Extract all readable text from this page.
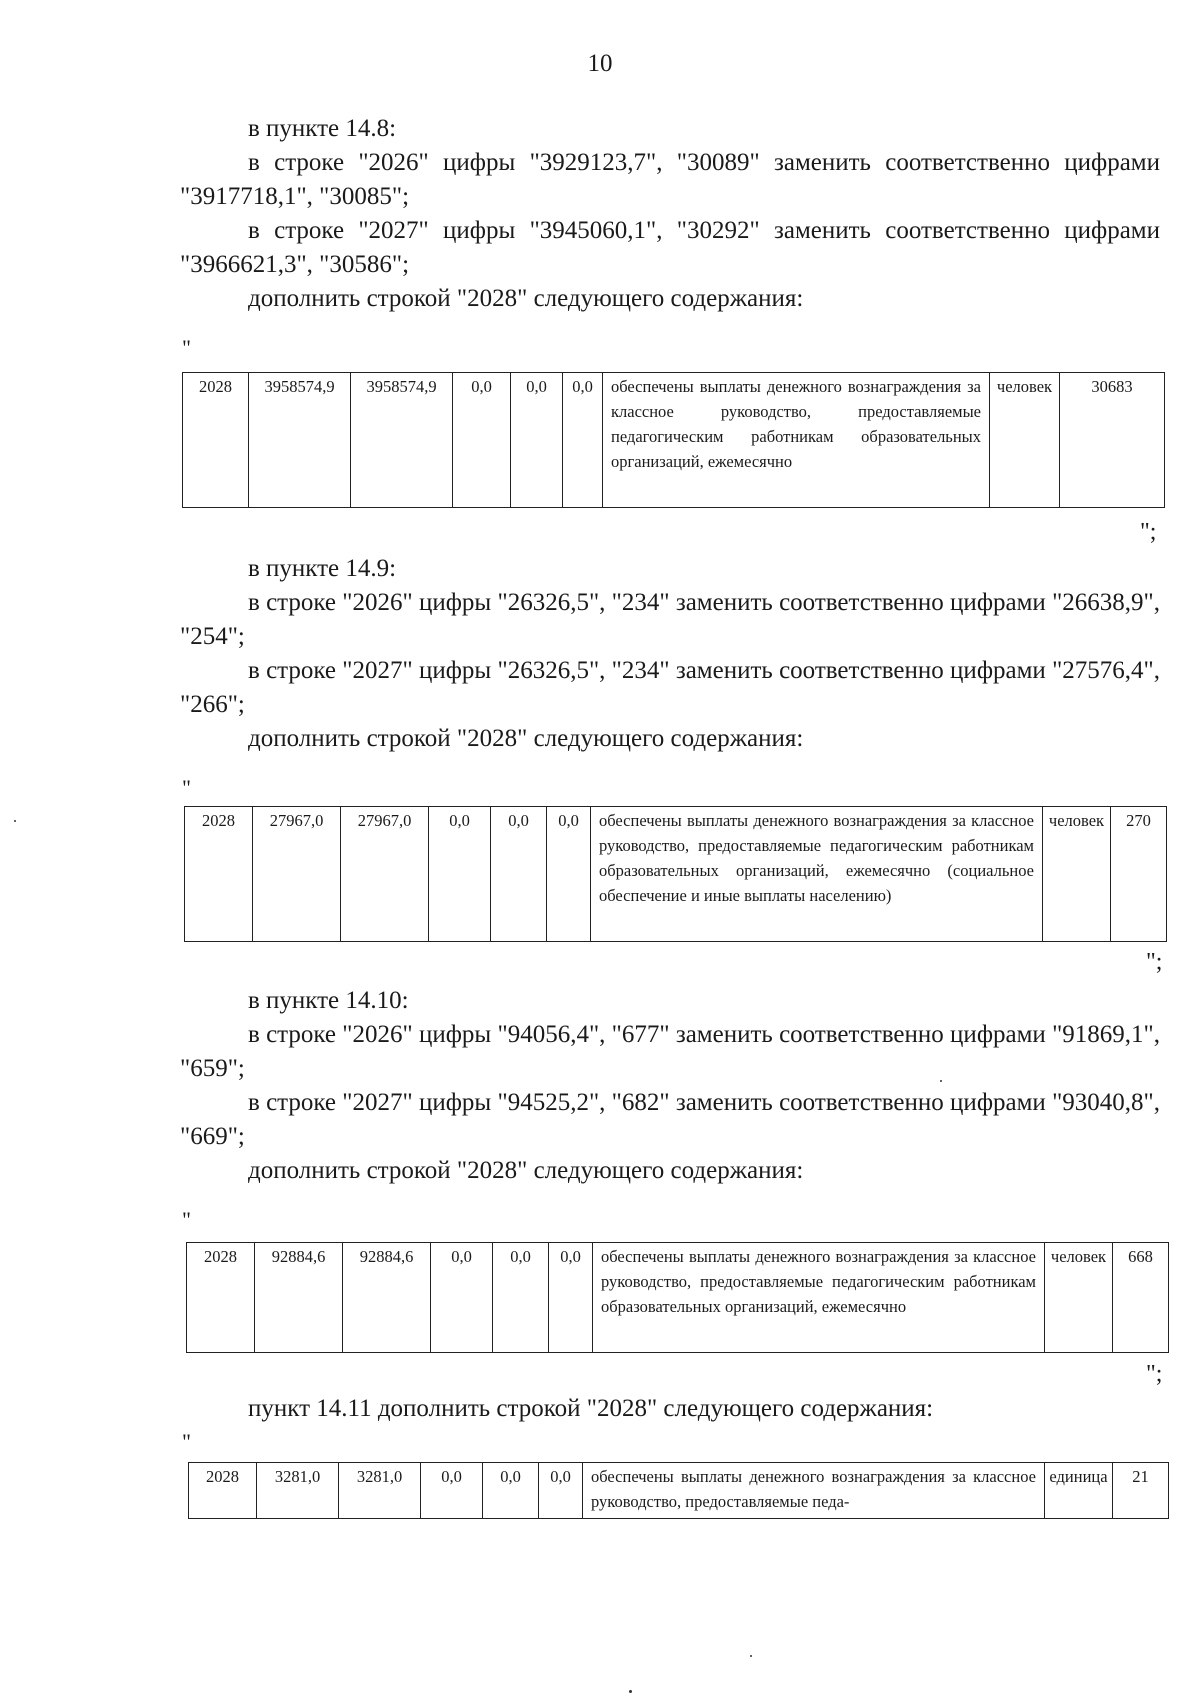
10

в пункте 14.8:

в строке "2026" цифры "3929123,7", "30089" заменить соответственно цифрами "3917718,1", "30085";

в строке "2027" цифры "3945060,1", "30292" заменить соответственно цифрами "3966621,3", "30586";

дополнить строкой "2028" следующего содержания:

"
2028	3958574,9	3958574,9	0,0	0,0	0,0	обеспечены выплаты денежного вознаграждения за классное руководство, предоставляемые педагогическим работникам образовательных организаций, ежемесячно	человек	30683
";

в пункте 14.9:

в строке "2026" цифры "26326,5", "234" заменить соответственно цифрами "26638,9", "254";

в строке "2027" цифры "26326,5", "234" заменить соответственно цифрами "27576,4", "266";

дополнить строкой "2028" следующего содержания:

"
2028	27967,0	27967,0	0,0	0,0	0,0	обеспечены выплаты денежного вознаграждения за классное руководство, предоставляемые педагогическим работникам образовательных организаций, ежемесячно (социальное обеспечение и иные выплаты населению)	человек	270
";

в пункте 14.10:

в строке "2026" цифры "94056,4", "677" заменить соответственно цифрами "91869,1", "659";

в строке "2027" цифры "94525,2", "682" заменить соответственно цифрами "93040,8", "669";

дополнить строкой "2028" следующего содержания:

"
2028	92884,6	92884,6	0,0	0,0	0,0	обеспечены выплаты денежного вознаграждения за классное руководство, предоставляемые педагогическим работникам образовательных организаций, ежемесячно	человек	668
";

пункт 14.11 дополнить строкой "2028" следующего содержания:

"
2028	3281,0	3281,0	0,0	0,0	0,0	обеспечены выплаты денежного вознаграждения за классное руководство, предоставляемые педа-	единица	21
